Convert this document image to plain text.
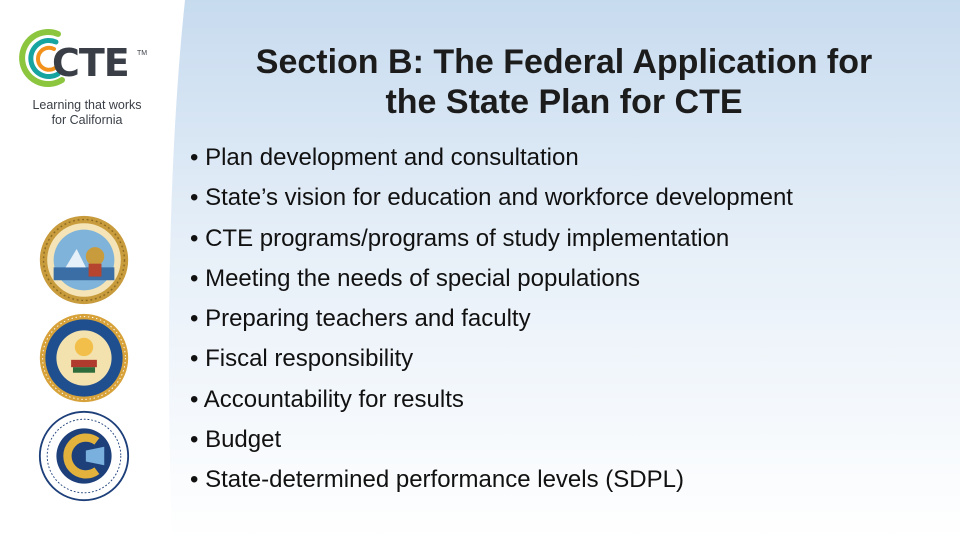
CTE TM
Learning that works
for California
Section B: The Federal Application for
the State Plan for CTE
• Plan development and consultation
• State’s vision for education and workforce development
• CTE programs/programs of study implementation
• Meeting the needs of special populations
• Preparing teachers and faculty
• Fiscal responsibility
• Accountability for results
• Budget
• State-determined performance levels (SDPL)
